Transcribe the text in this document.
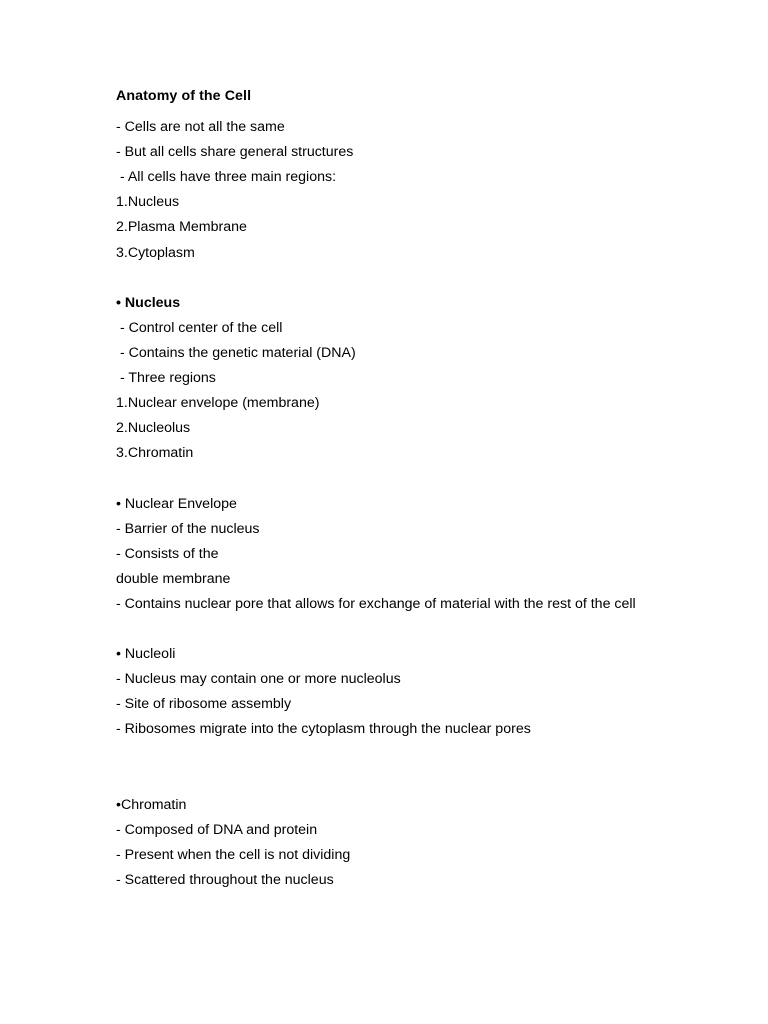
Anatomy of the Cell
- Cells are not all the same
- But all cells share general structures
- All cells have three main regions:
1.Nucleus
2.Plasma Membrane
3.Cytoplasm
• Nucleus
- Control center of the cell
- Contains the genetic material (DNA)
- Three regions
1.Nuclear envelope (membrane)
2.Nucleolus
3.Chromatin
• Nuclear Envelope
- Barrier of the nucleus
- Consists of the
double membrane
- Contains nuclear pore that allows for exchange of material with the rest of the cell
• Nucleoli
- Nucleus may contain one or more nucleolus
- Site of ribosome assembly
- Ribosomes migrate into the cytoplasm through the nuclear pores
•Chromatin
- Composed of DNA and protein
- Present when the cell is not dividing
- Scattered throughout the nucleus
